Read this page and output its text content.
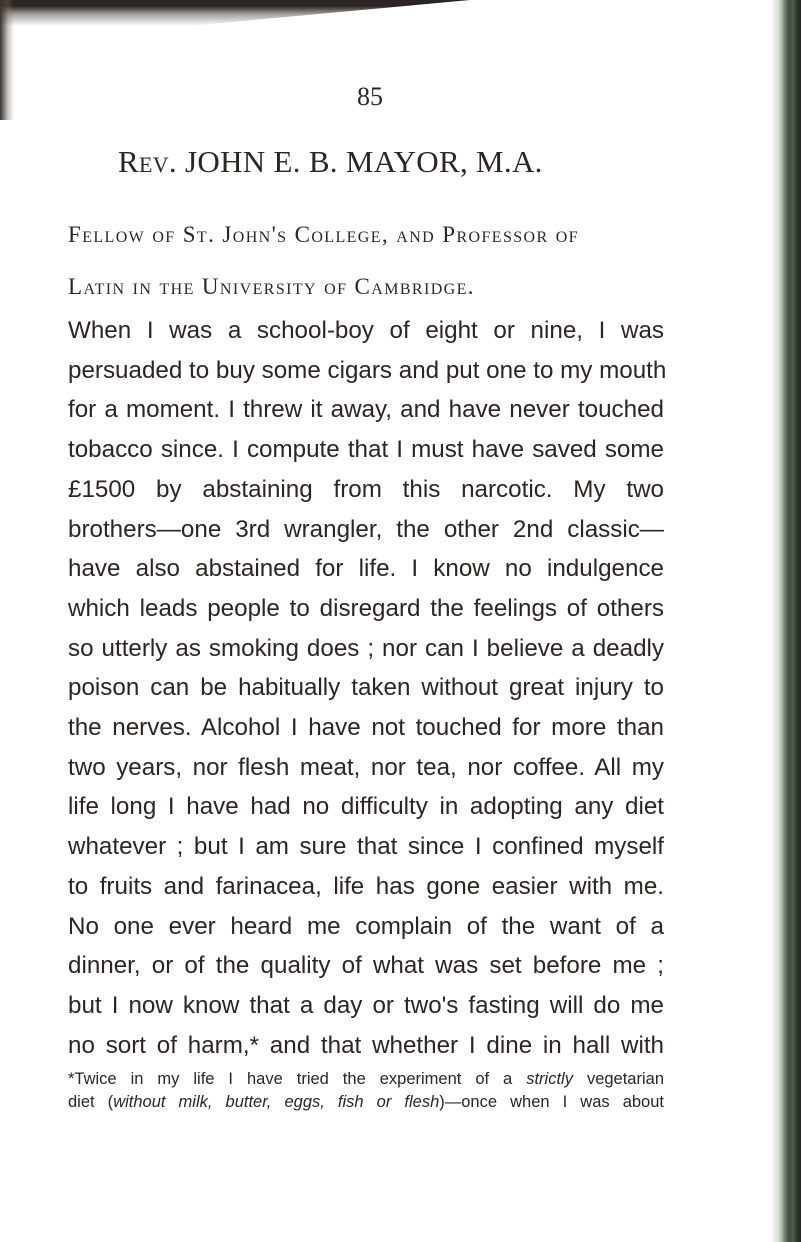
85
Rev. JOHN E. B. MAYOR, M.A.
Fellow of St. John's College, and Professor of
Latin in the University of Cambridge.
When I was a school-boy of eight or nine, I was
persuaded to buy some cigars and put one to my mouth
for a moment. I threw it away, and have never touched
tobacco since. I compute that I must have saved some
£1500 by abstaining from this narcotic. My two
brothers—one 3rd wrangler, the other 2nd classic—
have also abstained for life. I know no indulgence
which leads people to disregard the feelings of others
so utterly as smoking does ; nor can I believe a deadly
poison can be habitually taken without great injury to
the nerves. Alcohol I have not touched for more than
two years, nor flesh meat, nor tea, nor coffee. All my
life long I have had no difficulty in adopting any diet
whatever ; but I am sure that since I confined myself
to fruits and farinacea, life has gone easier with me.
No one ever heard me complain of the want of a
dinner, or of the quality of what was set before me ;
but I now know that a day or two's fasting will do me
no sort of harm,* and that whether I dine in hall with
*Twice in my life I have tried the experiment of a strictly vegetarian
diet (without milk, butter, eggs, fish or flesh)—once when I was about
